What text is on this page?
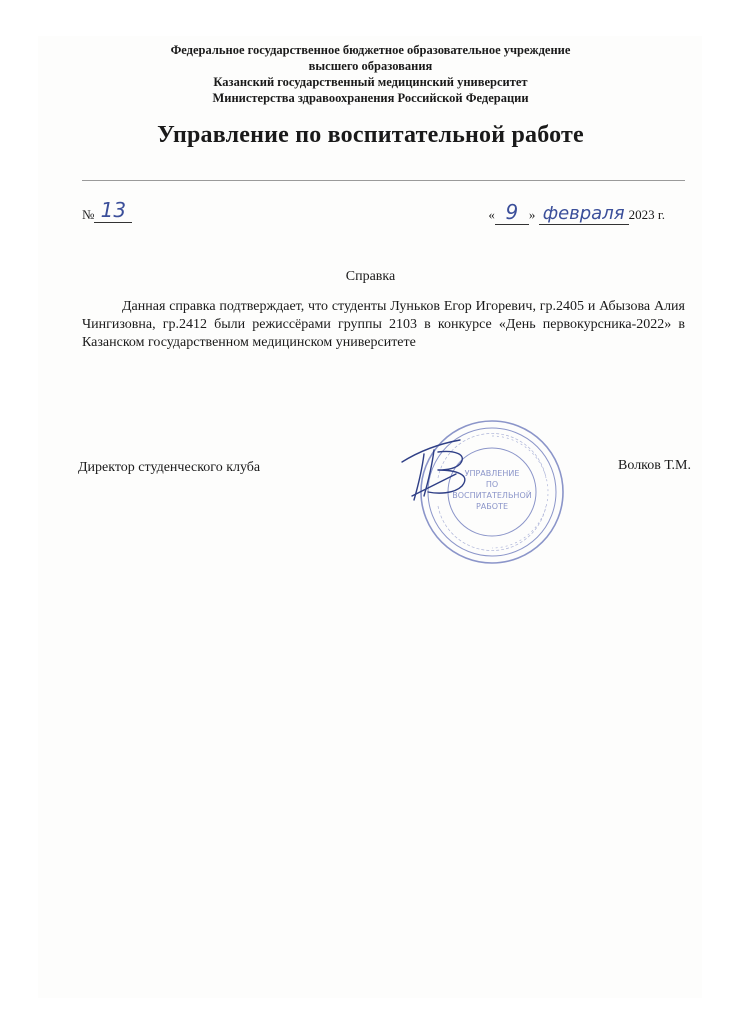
Федеральное государственное бюджетное образовательное учреждение
высшего образования
Казанский государственный медицинский университет
Министерства здравоохранения Российской Федерации
Управление по воспитательной работе
№ 13	« 9 » февраля 2023 г.
Справка
Данная справка подтверждает, что студенты Луньков Егор Игоревич, гр.2405 и Абызова Алия Чингизовна, гр.2412 были режиссёрами группы 2103 в конкурсе «День первокурсника-2022» в Казанском государственном медицинском университете
Директор студенческого клуба	УПРАВЛЕНИЕ
ПО
ВОСПИТАТЕЛЬНОЙ
РАБОТЕ
Волков Т.М.
